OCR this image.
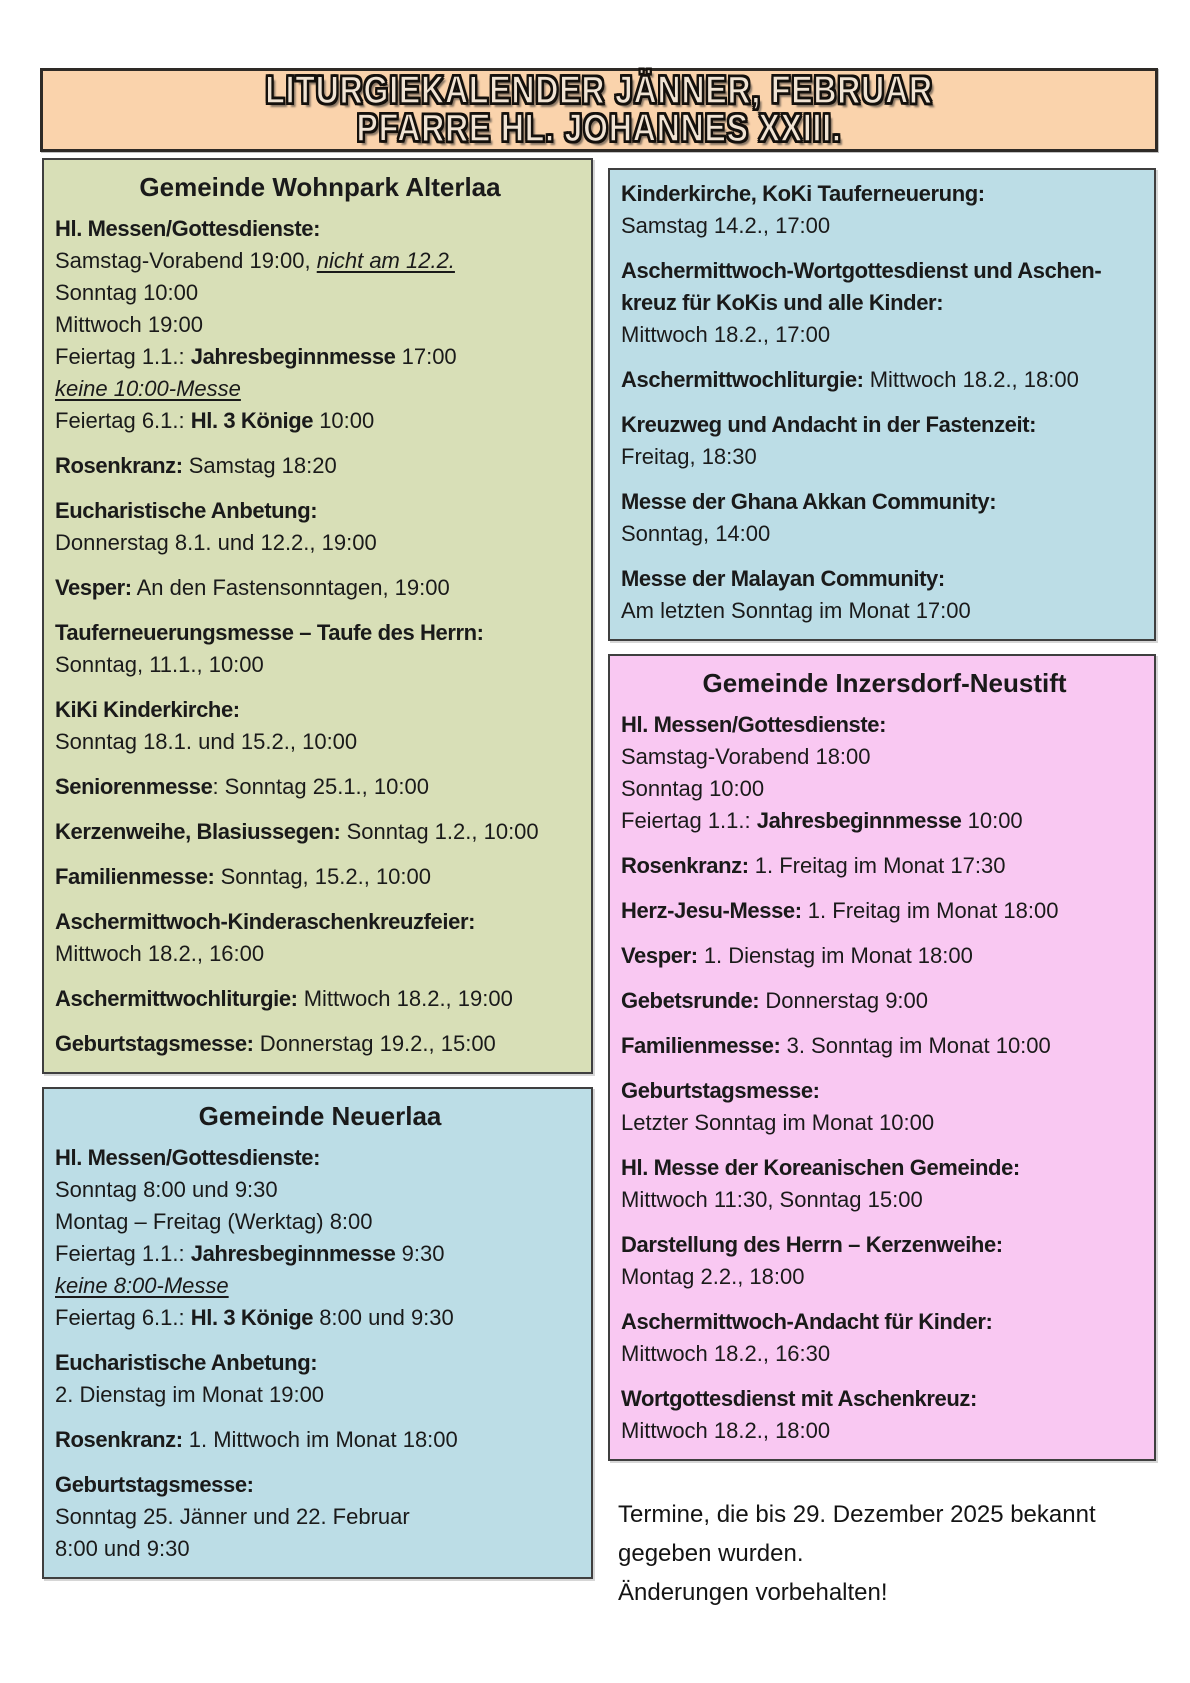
LITURGIEKALENDER JÄNNER, FEBRUAR
PFARRE HL. JOHANNES XXIII.
Gemeinde Wohnpark Alterlaa
Hl. Messen/Gottesdienste:
Samstag-Vorabend 19:00, nicht am 12.2.
Sonntag 10:00
Mittwoch 19:00
Feiertag 1.1.: Jahresbeginnmesse 17:00
keine 10:00-Messe
Feiertag 6.1.: Hl. 3 Könige 10:00
Rosenkranz: Samstag 18:20
Eucharistische Anbetung:
Donnerstag 8.1. und 12.2., 19:00
Vesper: An den Fastensonntagen, 19:00
Tauferneuerungsmesse – Taufe des Herrn:
Sonntag, 11.1., 10:00
KiKi Kinderkirche:
Sonntag 18.1. und 15.2., 10:00
Seniorenmesse: Sonntag 25.1., 10:00
Kerzenweihe, Blasiussegen: Sonntag 1.2., 10:00
Familienmesse: Sonntag, 15.2., 10:00
Aschermittwoch-Kinderaschenkreuzfeier:
Mittwoch 18.2., 16:00
Aschermittwochliturgie: Mittwoch 18.2., 19:00
Geburtstagsmesse: Donnerstag 19.2., 15:00
Gemeinde Neuerlaa
Hl. Messen/Gottesdienste:
Sonntag 8:00 und 9:30
Montag – Freitag (Werktag) 8:00
Feiertag 1.1.: Jahresbeginnmesse 9:30
keine 8:00-Messe
Feiertag 6.1.: Hl. 3 Könige 8:00 und 9:30
Eucharistische Anbetung:
2. Dienstag im Monat 19:00
Rosenkranz: 1. Mittwoch im Monat 18:00
Geburtstagsmesse:
Sonntag 25. Jänner und 22. Februar
8:00 und 9:30
Kinderkirche, KoKi Tauferneuerung:
Samstag 14.2., 17:00
Aschermittwoch-Wortgottesdienst und Aschen-
kreuz für KoKis und alle Kinder:
Mittwoch 18.2., 17:00
Aschermittwochliturgie: Mittwoch 18.2., 18:00
Kreuzweg und Andacht in der Fastenzeit:
Freitag, 18:30
Messe der Ghana Akkan Community:
Sonntag, 14:00
Messe der Malayan Community:
Am letzten Sonntag im Monat 17:00
Gemeinde Inzersdorf-Neustift
Hl. Messen/Gottesdienste:
Samstag-Vorabend 18:00
Sonntag 10:00
Feiertag 1.1.: Jahresbeginnmesse 10:00
Rosenkranz: 1. Freitag im Monat 17:30
Herz-Jesu-Messe: 1. Freitag im Monat 18:00
Vesper: 1. Dienstag im Monat 18:00
Gebetsrunde: Donnerstag 9:00
Familienmesse: 3. Sonntag im Monat 10:00
Geburtstagsmesse:
Letzter Sonntag im Monat 10:00
Hl. Messe der Koreanischen Gemeinde:
Mittwoch 11:30, Sonntag 15:00
Darstellung des Herrn – Kerzenweihe:
Montag 2.2., 18:00
Aschermittwoch-Andacht für Kinder:
Mittwoch 18.2., 16:30
Wortgottesdienst mit Aschenkreuz:
Mittwoch 18.2., 18:00
Termine, die bis 29. Dezember 2025 bekannt
gegeben wurden.
Änderungen vorbehalten!
